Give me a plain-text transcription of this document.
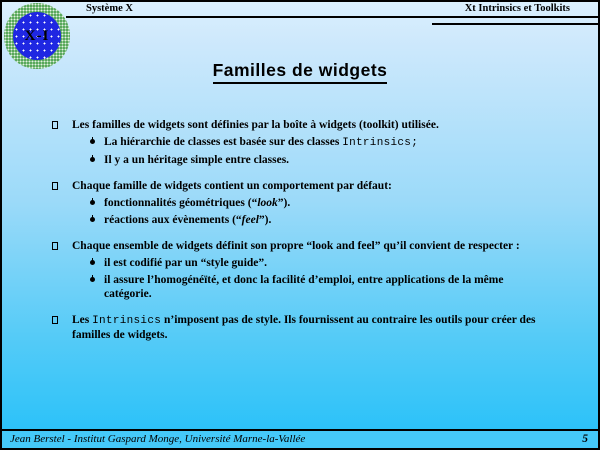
Système X	Xt Intrinsics et Toolkits
X-I
Familles de widgets
Les familles de widgets sont définies par la boîte à widgets (toolkit) utilisée.
La hiérarchie de classes est basée sur des classes Intrinsics;
Il y a un héritage simple entre classes.
Chaque famille de widgets contient un comportement par défaut:
fonctionnalités géométriques (“look”).
réactions aux évènements (“feel”).
Chaque ensemble de widgets définit son propre “look and feel” qu’il convient de respecter :
il est codifié par un “style guide”.
il assure l’homogénéïté, et donc la facilité d’emploi, entre applications de la même catégorie.
Les Intrinsics n’imposent pas de style. Ils fournissent au contraire les outils pour créer des familles de widgets.
Jean Berstel - Institut Gaspard Monge, Université Marne-la-Vallée	5
